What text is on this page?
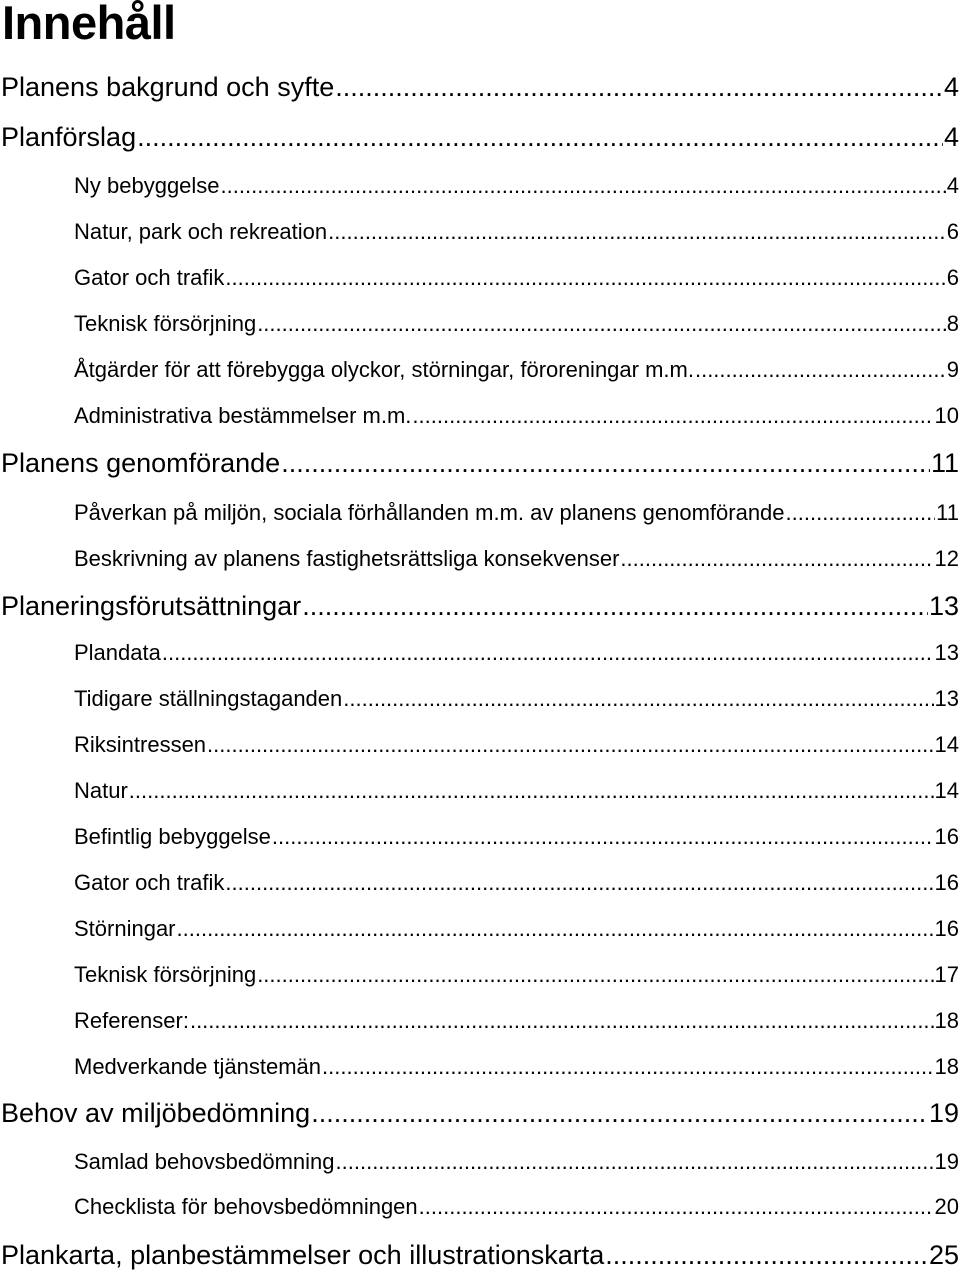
Innehåll
Planens bakgrund och syfte .....	4
Planförslag .....	4
Ny bebyggelse .....	4
Natur, park och rekreation .....	6
Gator och trafik .....	6
Teknisk försörjning .....	8
Åtgärder för att förebygga olyckor, störningar, föroreningar m.m. .....	9
Administrativa bestämmelser m.m. .....	10
Planens genomförande .....	11
Påverkan på miljön, sociala förhållanden m.m. av planens genomförande .....	11
Beskrivning av planens fastighetsrättsliga konsekvenser .....	12
Planeringsförutsättningar .....	13
Plandata .....	13
Tidigare ställningstaganden .....	13
Riksintressen .....	14
Natur .....	14
Befintlig bebyggelse .....	16
Gator och trafik .....	16
Störningar .....	16
Teknisk försörjning .....	17
Referenser: .....	18
Medverkande tjänstemän .....	18
Behov av miljöbedömning .....	19
Samlad behovsbedömning .....	19
Checklista för behovsbedömningen .....	20
Plankarta, planbestämmelser och illustrationskarta .....	25
